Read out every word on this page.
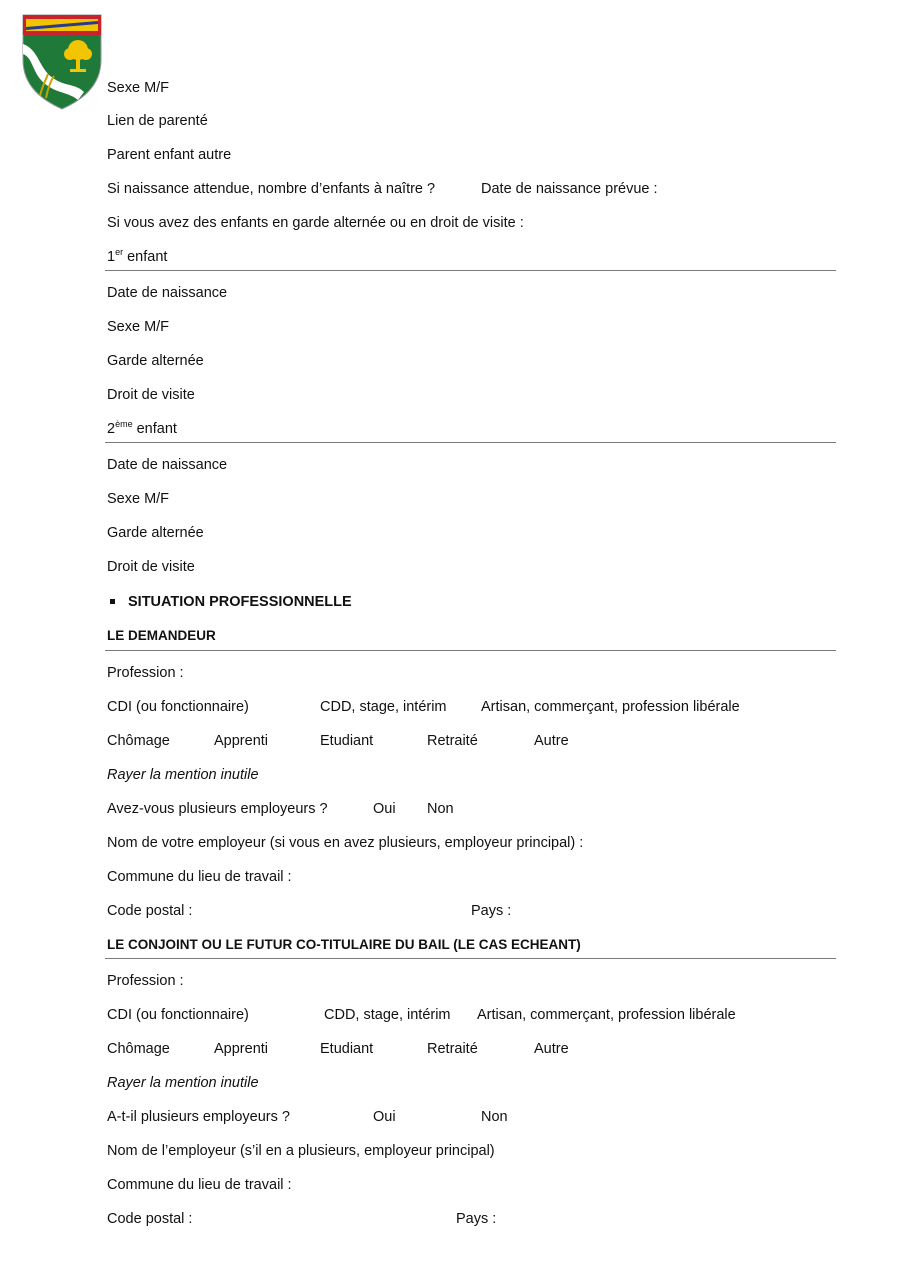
Sexe M/F
Lien de parenté
Parent enfant autre
Si naissance attendue, nombre d’enfants à naître ?	Date de naissance prévue :
Si vous avez des enfants en garde alternée ou en droit de visite :
1er enfant
Date de naissance
Sexe M/F
Garde alternée
Droit de visite
2ème enfant
Date de naissance
Sexe M/F
Garde alternée
Droit de visite
SITUATION PROFESSIONNELLE
LE DEMANDEUR
Profession :
CDI (ou fonctionnaire)	CDD, stage, intérim Artisan, commerçant, profession libérale
Chômage	Apprenti	Etudiant	Retraité	Autre
Rayer la mention inutile
Avez-vous plusieurs employeurs ?	Oui Non
Nom de votre employeur (si vous en avez plusieurs, employeur principal) :
Commune du lieu de travail :
Code postal :	Pays :
LE CONJOINT OU LE FUTUR CO-TITULAIRE DU BAIL (LE CAS ECHEANT)
Profession :
CDI (ou fonctionnaire)	CDD, stage, intérim Artisan, commerçant, profession libérale
Chômage	Apprenti	Etudiant	Retraité	Autre
Rayer la mention inutile
A-t-il plusieurs employeurs ?	Oui	Non
Nom de l’employeur (s’il en a plusieurs, employeur principal)
Commune du lieu de travail :
Code postal :	Pays :
